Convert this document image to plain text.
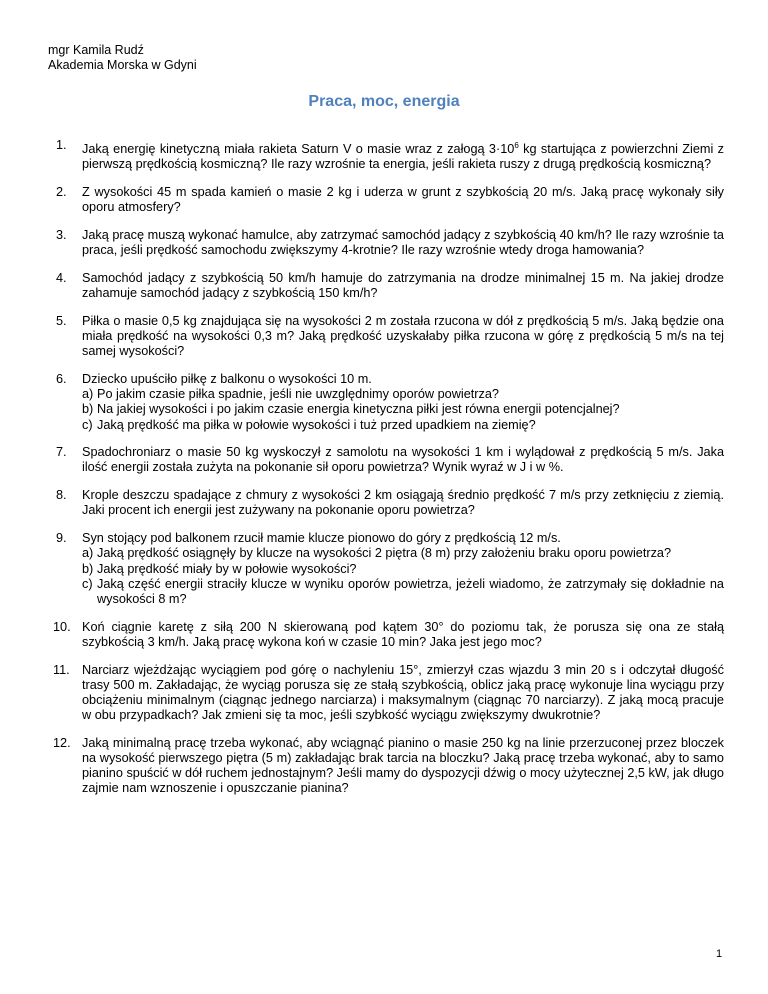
mgr Kamila Rudź
Akademia Morska w Gdyni
Praca, moc, energia
1.	Jaką energię kinetyczną miała rakieta Saturn V o masie wraz z załogą $3\cdot 10^6$ kg startująca z powierzchni Ziemi z pierwszą prędkością kosmiczną? Ile razy wzrośnie ta energia, jeśli rakieta ruszy z drugą prędkością kosmiczną?
2.	Z wysokości 45 m spada kamień o masie 2 kg i uderza w grunt z szybkością 20 m/s. Jaką pracę wykonały siły oporu atmosfery?
3.	Jaką pracę muszą wykonać hamulce, aby zatrzymać samochód jadący z szybkością 40 km/h? Ile razy wzrośnie ta praca, jeśli prędkość samochodu zwiększymy 4-krotnie? Ile razy wzrośnie wtedy droga hamowania?
4.	Samochód jadący z szybkością 50 km/h hamuje do zatrzymania na drodze minimalnej 15 m. Na jakiej drodze zahamuje samochód jadący z szybkością 150 km/h?
5.	Piłka o masie 0,5 kg znajdująca się na wysokości 2 m została rzucona w dół z prędkością 5 m/s. Jaką będzie ona miała prędkość na wysokości 0,3 m? Jaką prędkość uzyskałaby piłka rzucona w górę z prędkością 5 m/s na tej samej wysokości?
6.	Dziecko upuściło piłkę z balkonu o wysokości 10 m.
a) Po jakim czasie piłka spadnie, jeśli nie uwzględnimy oporów powietrza?
b) Na jakiej wysokości i po jakim czasie energia kinetyczna piłki jest równa energii potencjalnej?
c) Jaką prędkość ma piłka w połowie wysokości i tuż przed upadkiem na ziemię?
7.	Spadochroniarz o masie 50 kg wyskoczył z samolotu na wysokości 1 km i wylądował z prędkością 5 m/s. Jaka ilość energii została zużyta na pokonanie sił oporu powietrza? Wynik wyraź w J i w %.
8.	Krople deszczu spadające z chmury z wysokości 2 km osiągają średnio prędkość 7 m/s przy zetknięciu z ziemią. Jaki procent ich energii jest zużywany na pokonanie oporu powietrza?
9.	Syn stojący pod balkonem rzucił mamie klucze pionowo do góry z prędkością 12 m/s.
a) Jaką prędkość osiągnęły by klucze na wysokości 2 piętra (8 m) przy założeniu braku oporu powietrza?
b) Jaką prędkość miały by w połowie wysokości?
c) Jaką część energii straciły klucze w wyniku oporów powietrza, jeżeli wiadomo, że zatrzymały się dokładnie na wysokości 8 m?
10. Koń ciągnie karetę z siłą 200 N skierowaną pod kątem 30° do poziomu tak, że porusza się ona ze stałą szybkością 3 km/h. Jaką pracę wykona koń w czasie 10 min? Jaka jest jego moc?
11. Narciarz wjeżdżając wyciągiem pod górę o nachyleniu 15°, zmierzył czas wjazdu 3 min 20 s i odczytał długość trasy 500 m. Zakładając, że wyciąg porusza się ze stałą szybkością, oblicz jaką pracę wykonuje lina wyciągu przy obciążeniu minimalnym (ciągnąc jednego narciarza) i maksymalnym (ciągnąc 70 narciarzy). Z jaką mocą pracuje w obu przypadkach? Jak zmieni się ta moc, jeśli szybkość wyciągu zwiększymy dwukrotnie?
12. Jaką minimalną pracę trzeba wykonać, aby wciągnąć pianino o masie 250 kg na linie przerzuconej przez bloczek na wysokość pierwszego piętra (5 m) zakładając brak tarcia na bloczku? Jaką pracę trzeba wykonać, aby to samo pianino spuścić w dół ruchem jednostajnym? Jeśli mamy do dyspozycji dźwig o mocy użytecznej 2,5 kW, jak długo zajmie nam wznoszenie i opuszczanie pianina?
1
